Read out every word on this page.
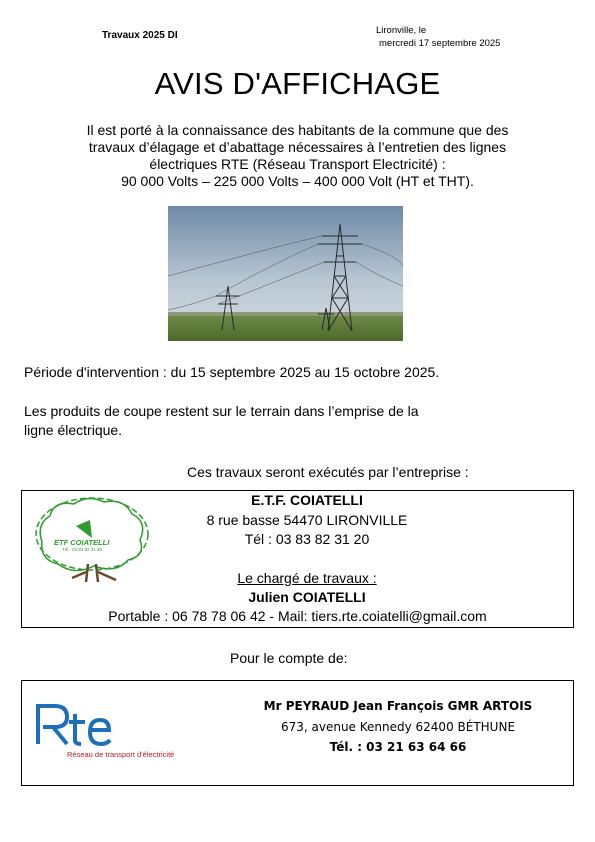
Travaux 2025 DI	Lironville, le
mercredi 17 septembre 2025
AVIS D'AFFICHAGE
Il est porté à la connaissance des habitants de la commune que des
travaux d’élagage et d’abattage nécessaires à l’entretien des lignes
électriques RTE (Réseau Transport Electricité) :
90 000 Volts – 225 000 Volts – 400 000 Volt (HT et THT).
Période d'intervention : du 15 septembre 2025 au 15 octobre 2025.
Les produits de coupe restent sur le terrain dans l’emprise de la
ligne électrique.
Ces travaux seront exécutés par l’entreprise :
ETF COIATELLI
Tél : 03 83 82 31 20
E.T.F. COIATELLI
8 rue basse 54470 LIRONVILLE
Tél : 03 83 82 31 20
Le chargé de travaux :
Julien COIATELLI
Portable : 06 78 78 06 42 - Mail: tiers.rte.coiatelli@gmail.com
Pour le compte de:
Réseau de transport d'électricité
Mr PEYRAUD Jean François GMR ARTOIS
673, avenue Kennedy 62400 BÉTHUNE
Tél. : 03 21 63 64 66
